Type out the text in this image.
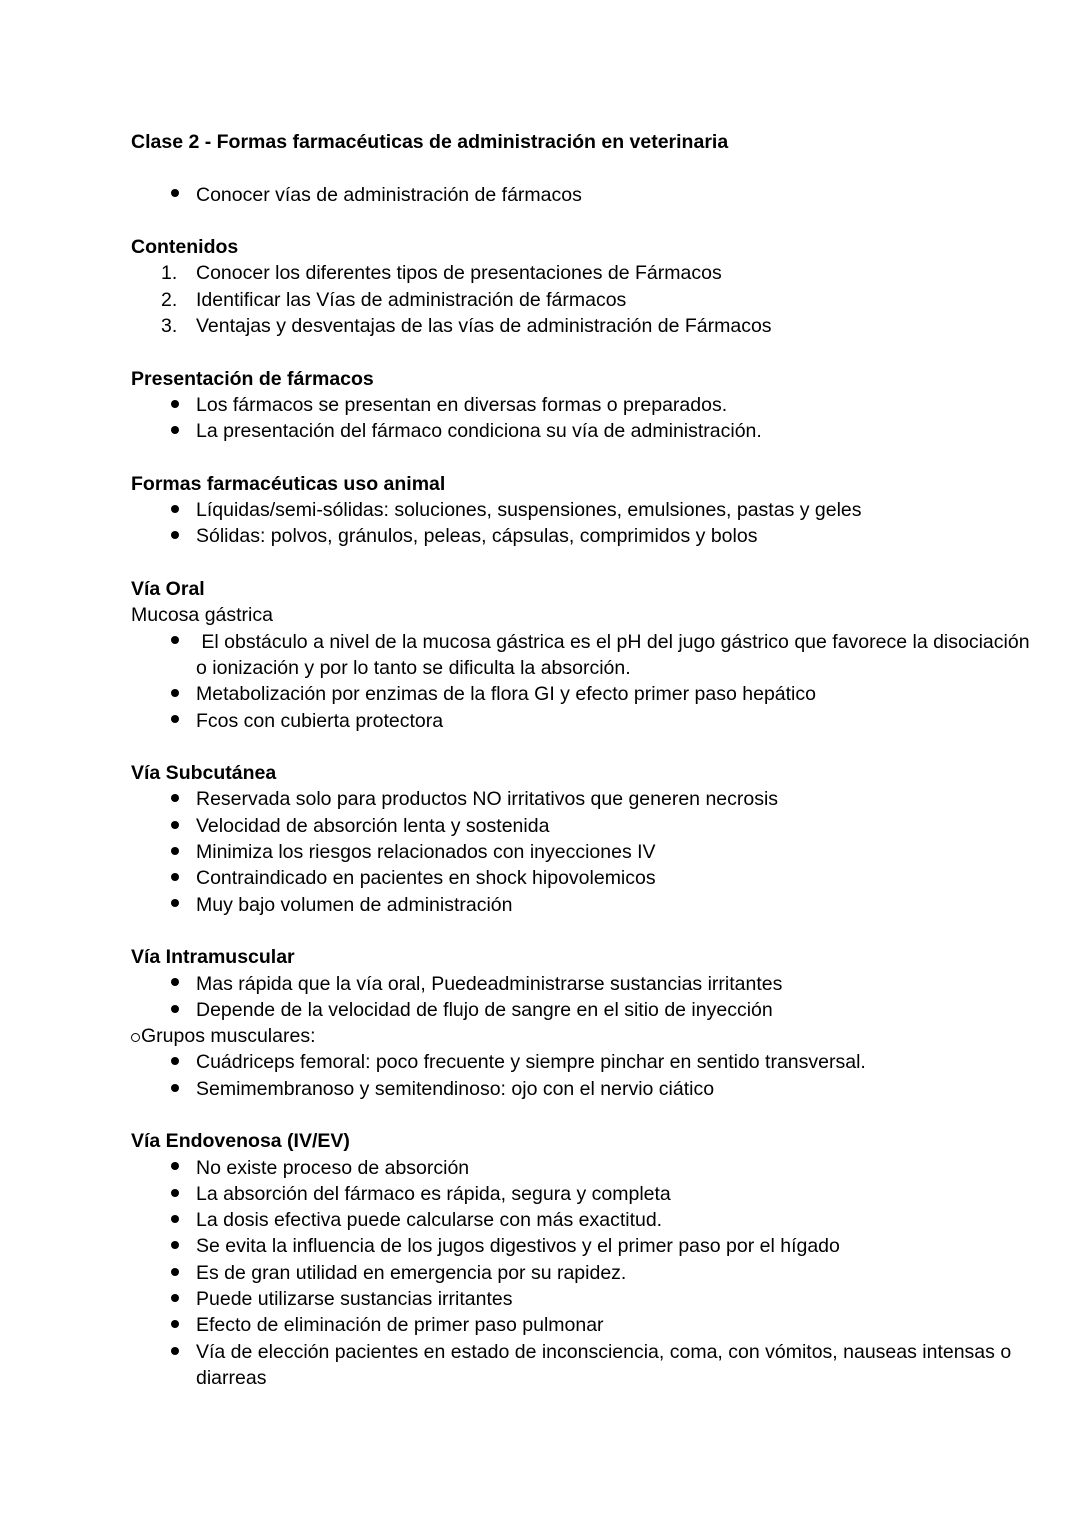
Clase 2 - Formas farmacéuticas de administración en veterinaria

Conocer vías de administración de fármacos

Contenidos

1. Conocer los diferentes tipos de presentaciones de Fármacos
2. Identificar las Vías de administración de fármacos
3. Ventajas y desventajas de las vías de administración de Fármacos

Presentación de fármacos

Los fármacos se presentan en diversas formas o preparados.
La presentación del fármaco condiciona su vía de administración.

Formas farmacéuticas uso animal

Líquidas/semi-sólidas: soluciones, suspensiones, emulsiones, pastas y geles
Sólidas: polvos, gránulos, peleas, cápsulas, comprimidos y bolos

Vía Oral

Mucosa gástrica

El obstáculo a nivel de la mucosa gástrica es el pH del jugo gástrico que favorece la disociación o ionización y por lo tanto se dificulta la absorción.
Metabolización por enzimas de la flora GI y efecto primer paso hepático
Fcos con cubierta protectora

Vía Subcutánea

Reservada solo para productos NO irritativos que generen necrosis
Velocidad de absorción lenta y sostenida
Minimiza los riesgos relacionados con inyecciones IV
Contraindicado en pacientes en shock hipovolemicos
Muy bajo volumen de administración

Vía Intramuscular

Mas rápida que la vía oral, Puedeadministrarse sustancias irritantes
Depende de la velocidad de flujo de sangre en el sitio de inyección

Grupos musculares:

Cuádriceps femoral: poco frecuente y siempre pinchar en sentido transversal.
Semimembranoso y semitendinoso: ojo con el nervio ciático

Vía Endovenosa (IV/EV)

No existe proceso de absorción
La absorción del fármaco es rápida, segura y completa
La dosis efectiva puede calcularse con más exactitud.
Se evita la influencia de los jugos digestivos y el primer paso por el hígado
Es de gran utilidad en emergencia por su rapidez.
Puede utilizarse sustancias irritantes
Efecto de eliminación de primer paso pulmonar
Vía de elección pacientes en estado de inconsciencia, coma, con vómitos, nauseas intensas o diarreas
